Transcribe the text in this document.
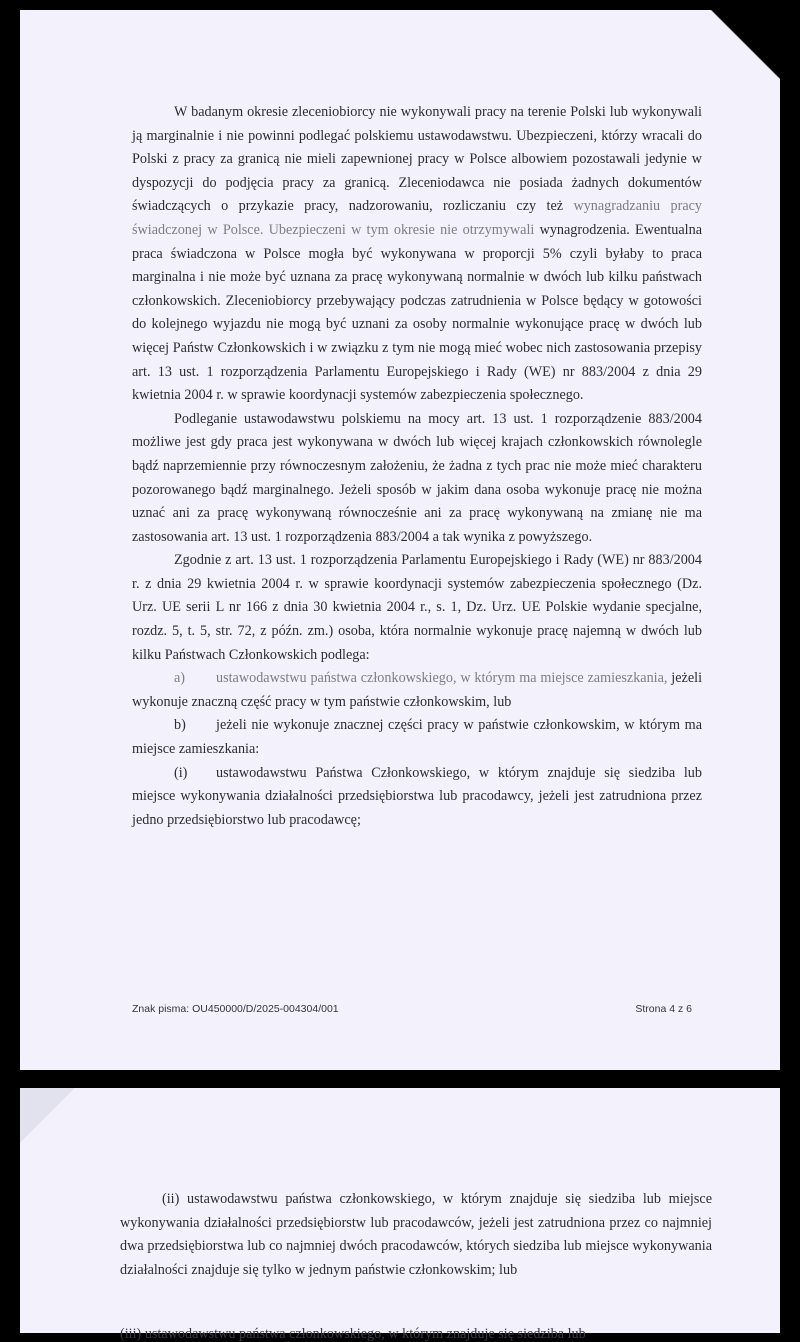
W badanym okresie zleceniobiorcy nie wykonywali pracy na terenie Polski lub wykonywali ją marginalnie i nie powinni podlegać polskiemu ustawodawstwu. Ubezpieczeni, którzy wracali do Polski z pracy za granicą nie mieli zapewnionej pracy w Polsce albowiem pozostawali jedynie w dyspozycji do podjęcia pracy za granicą. Zleceniodawca nie posiada żadnych dokumentów świadczących o przykazie pracy, nadzorowaniu, rozliczaniu czy też wynagradzaniu pracy świadczonej w Polsce. Ubezpieczeni w tym okresie nie otrzymywali wynagrodzenia. Ewentualna praca świadczona w Polsce mogła być wykonywana w proporcji 5% czyli byłaby to praca marginalna i nie może być uznana za pracę wykonywaną normalnie w dwóch lub kilku państwach członkowskich. Zleceniobiorcy przebywający podczas zatrudnienia w Polsce będący w gotowości do kolejnego wyjazdu nie mogą być uznani za osoby normalnie wykonujące pracę w dwóch lub więcej Państw Członkowskich i w związku z tym nie mogą mieć wobec nich zastosowania przepisy art. 13 ust. 1 rozporządzenia Parlamentu Europejskiego i Rady (WE) nr 883/2004 z dnia 29 kwietnia 2004 r. w sprawie koordynacji systemów zabezpieczenia społecznego.

Podleganie ustawodawstwu polskiemu na mocy art. 13 ust. 1 rozporządzenie 883/2004 możliwe jest gdy praca jest wykonywana w dwóch lub więcej krajach członkowskich równolegle bądź naprzemiennie przy równoczesnym założeniu, że żadna z tych prac nie może mieć charakteru pozorowanego bądź marginalnego. Jeżeli sposób w jakim dana osoba wykonuje pracę nie można uznać ani za pracę wykonywaną równocześnie ani za pracę wykonywaną na zmianę nie ma zastosowania art. 13 ust. 1 rozporządzenia 883/2004 a tak wynika z powyższego.

Zgodnie z art. 13 ust. 1 rozporządzenia Parlamentu Europejskiego i Rady (WE) nr 883/2004 r. z dnia 29 kwietnia 2004 r. w sprawie koordynacji systemów zabezpieczenia społecznego (Dz. Urz. UE serii L nr 166 z dnia 30 kwietnia 2004 r., s. 1, Dz. Urz. UE Polskie wydanie specjalne, rozdz. 5, t. 5, str. 72, z późn. zm.) osoba, która normalnie wykonuje pracę najemną w dwóch lub kilku Państwach Członkowskich podlega:

a) ustawodawstwu państwa członkowskiego, w którym ma miejsce zamieszkania, jeżeli wykonuje znaczną część pracy w tym państwie członkowskim, lub

b) jeżeli nie wykonuje znacznej części pracy w państwie członkowskim, w którym ma miejsce zamieszkania:

(i) ustawodawstwu Państwa Członkowskiego, w którym znajduje się siedziba lub miejsce wykonywania działalności przedsiębiorstwa lub pracodawcy, jeżeli jest zatrudniona przez jedno przedsiębiorstwo lub pracodawcę;

Znak pisma: OU450000/D/2025-004304/001	Strona 4 z 6

(ii) ustawodawstwu państwa członkowskiego, w którym znajduje się siedziba lub miejsce wykonywania działalności przedsiębiorstw lub pracodawców, jeżeli jest zatrudniona przez co najmniej dwa przedsiębiorstwa lub co najmniej dwóch pracodawców, których siedziba lub miejsce wykonywania działalności znajduje się tylko w jednym państwie członkowskim; lub

(iii) ustawodawstwu państwa członkowskiego, w którym znajduje się siedziba lub
